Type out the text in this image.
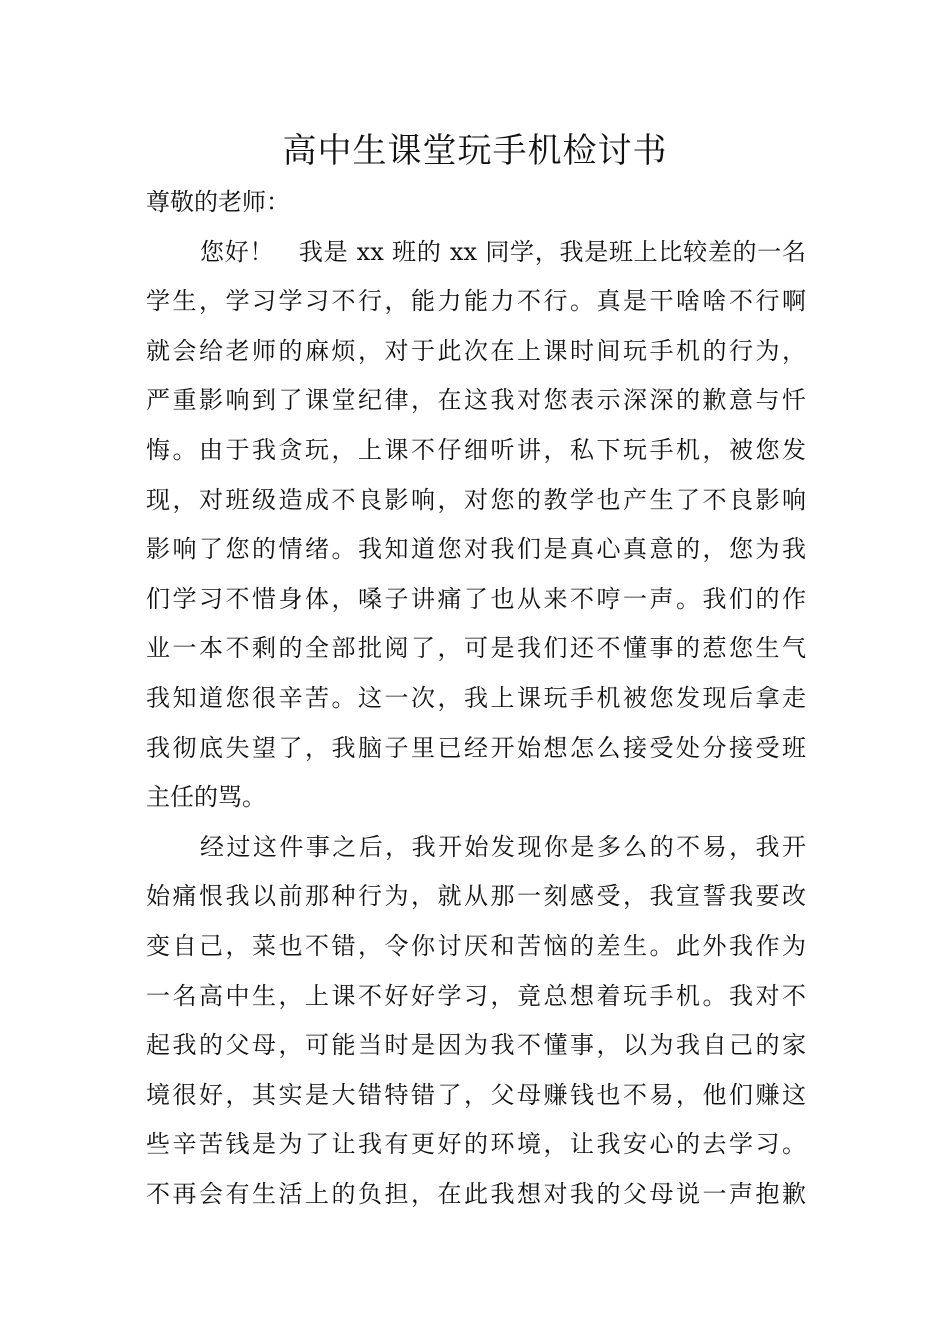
高中生课堂玩手机检讨书
尊敬的老师：
您好！　我是 xx 班的 xx 同学，我是班上比较差的一名
学生，学习学习不行，能力能力不行。真是干啥啥不行啊
就会给老师的麻烦，对于此次在上课时间玩手机的行为，
严重影响到了课堂纪律，在这我对您表示深深的歉意与忏
悔。由于我贪玩，上课不仔细听讲，私下玩手机，被您发
现，对班级造成不良影响，对您的教学也产生了不良影响
影响了您的情绪。我知道您对我们是真心真意的，您为我
们学习不惜身体，嗓子讲痛了也从来不哼一声。我们的作
业一本不剩的全部批阅了，可是我们还不懂事的惹您生气
我知道您很辛苦。这一次，我上课玩手机被您发现后拿走
我彻底失望了，我脑子里已经开始想怎么接受处分接受班
主任的骂。
经过这件事之后，我开始发现你是多么的不易，我开
始痛恨我以前那种行为，就从那一刻感受，我宣誓我要改
变自己，菜也不错，令你讨厌和苦恼的差生。此外我作为
一名高中生，上课不好好学习，竟总想着玩手机。我对不
起我的父母，可能当时是因为我不懂事，以为我自己的家
境很好，其实是大错特错了，父母赚钱也不易，他们赚这
些辛苦钱是为了让我有更好的环境，让我安心的去学习。
不再会有生活上的负担，在此我想对我的父母说一声抱歉
